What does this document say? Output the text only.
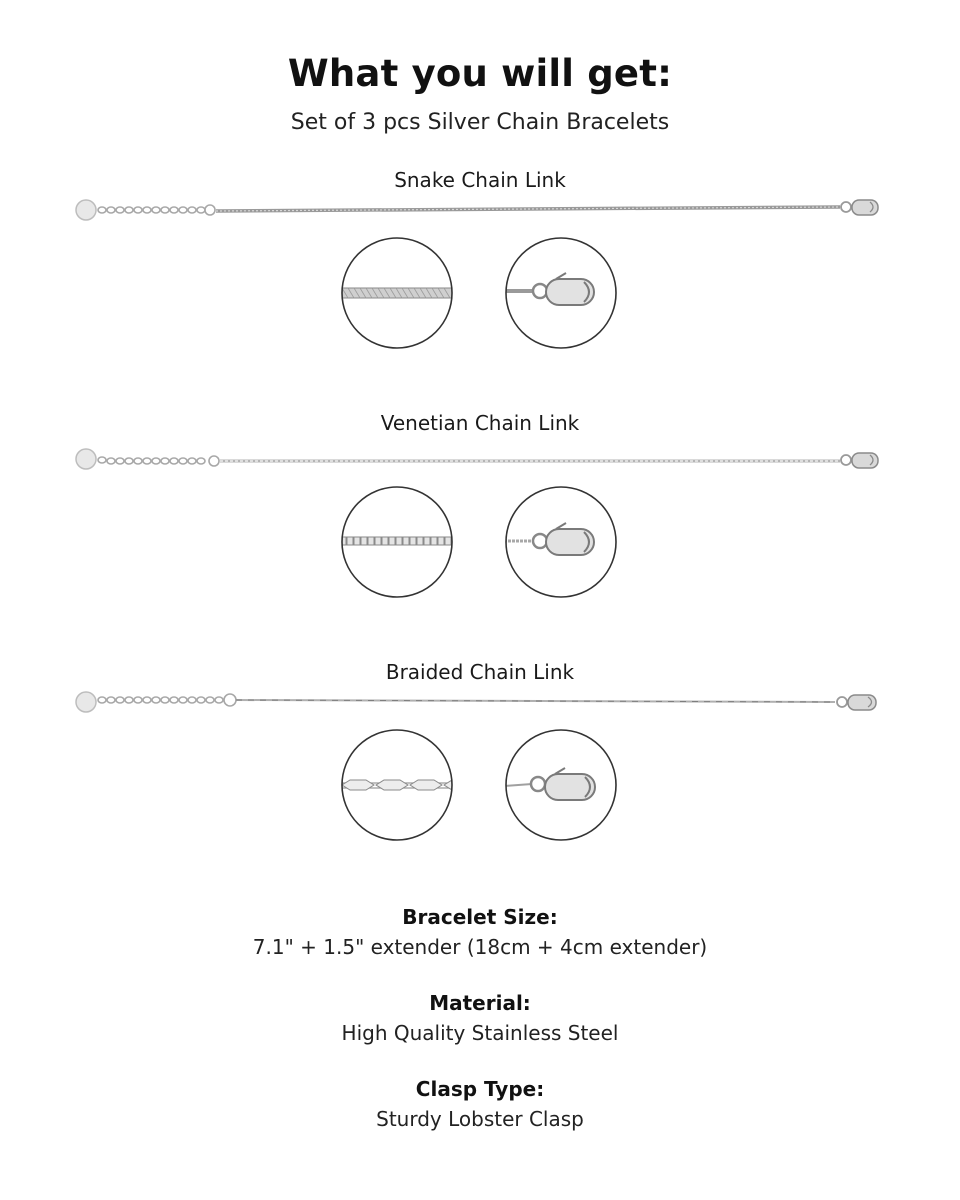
What you will get:
Set of 3 pcs Silver Chain Bracelets
Snake Chain Link
Venetian Chain Link
Braided Chain Link
Bracelet Size:
7.1" + 1.5" extender (18cm + 4cm extender)
Material:
High Quality Stainless Steel
Clasp Type:
Sturdy Lobster Clasp
